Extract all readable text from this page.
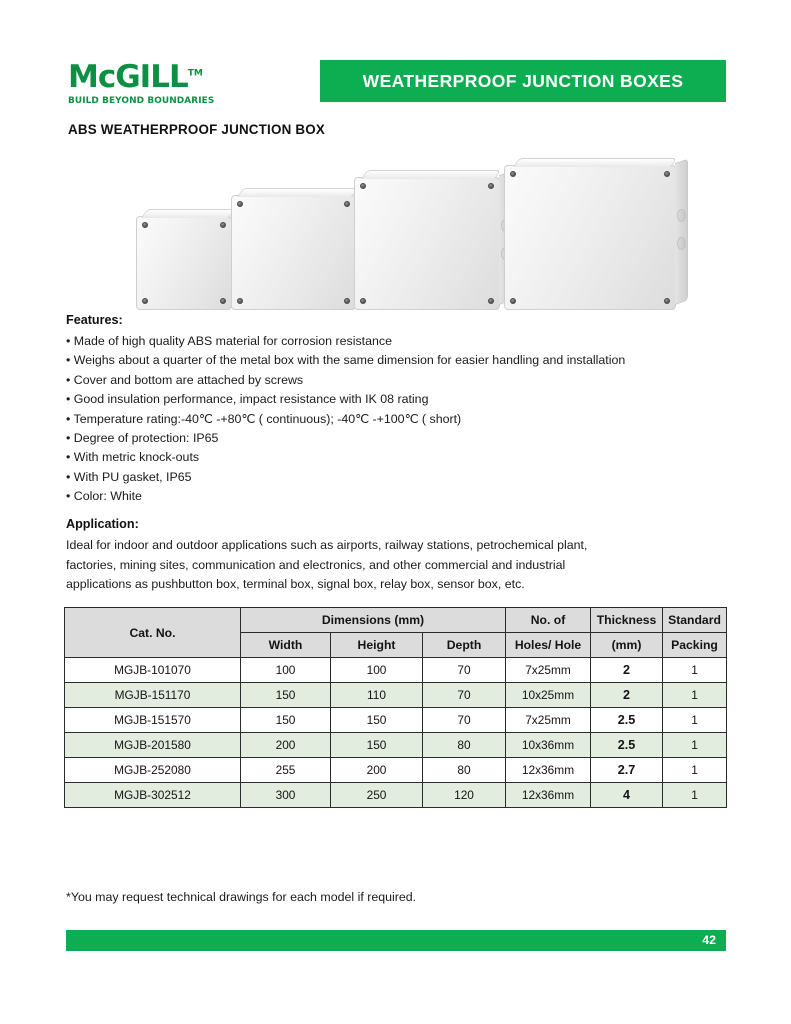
McGILL™
BUILD BEYOND BOUNDARIES
WEATHERPROOF JUNCTION BOXES
ABS WEATHERPROOF JUNCTION BOX
Features:
• Made of high quality ABS material for corrosion resistance
• Weighs about a quarter of the metal box with the same dimension for easier handling and installation
• Cover and bottom are attached by screws
• Good insulation performance, impact resistance with IK 08 rating
• Temperature rating:-40℃ -+80℃ ( continuous); -40℃ -+100℃ ( short)
• Degree of protection: IP65
• With metric knock-outs
• With PU gasket, IP65
• Color: White
Application:
Ideal for indoor and outdoor applications such as airports, railway stations, petrochemical plant,
factories, mining sites, communication and electronics, and other commercial and industrial
applications as pushbutton box, terminal box, signal box, relay box, sensor box, etc.
Cat. No.	Dimensions (mm)			No. of	Thickness	Standard
	Width	Height	Depth	Holes/ Hole	(mm)	Packing
MGJB-101070	100	100	70	7x25mm	2	1
MGJB-151170	150	110	70	10x25mm	2	1
MGJB-151570	150	150	70	7x25mm	2.5	1
MGJB-201580	200	150	80	10x36mm	2.5	1
MGJB-252080	255	200	80	12x36mm	2.7	1
MGJB-302512	300	250	120	12x36mm	4	1
*You may request technical drawings for each model if required.
42
